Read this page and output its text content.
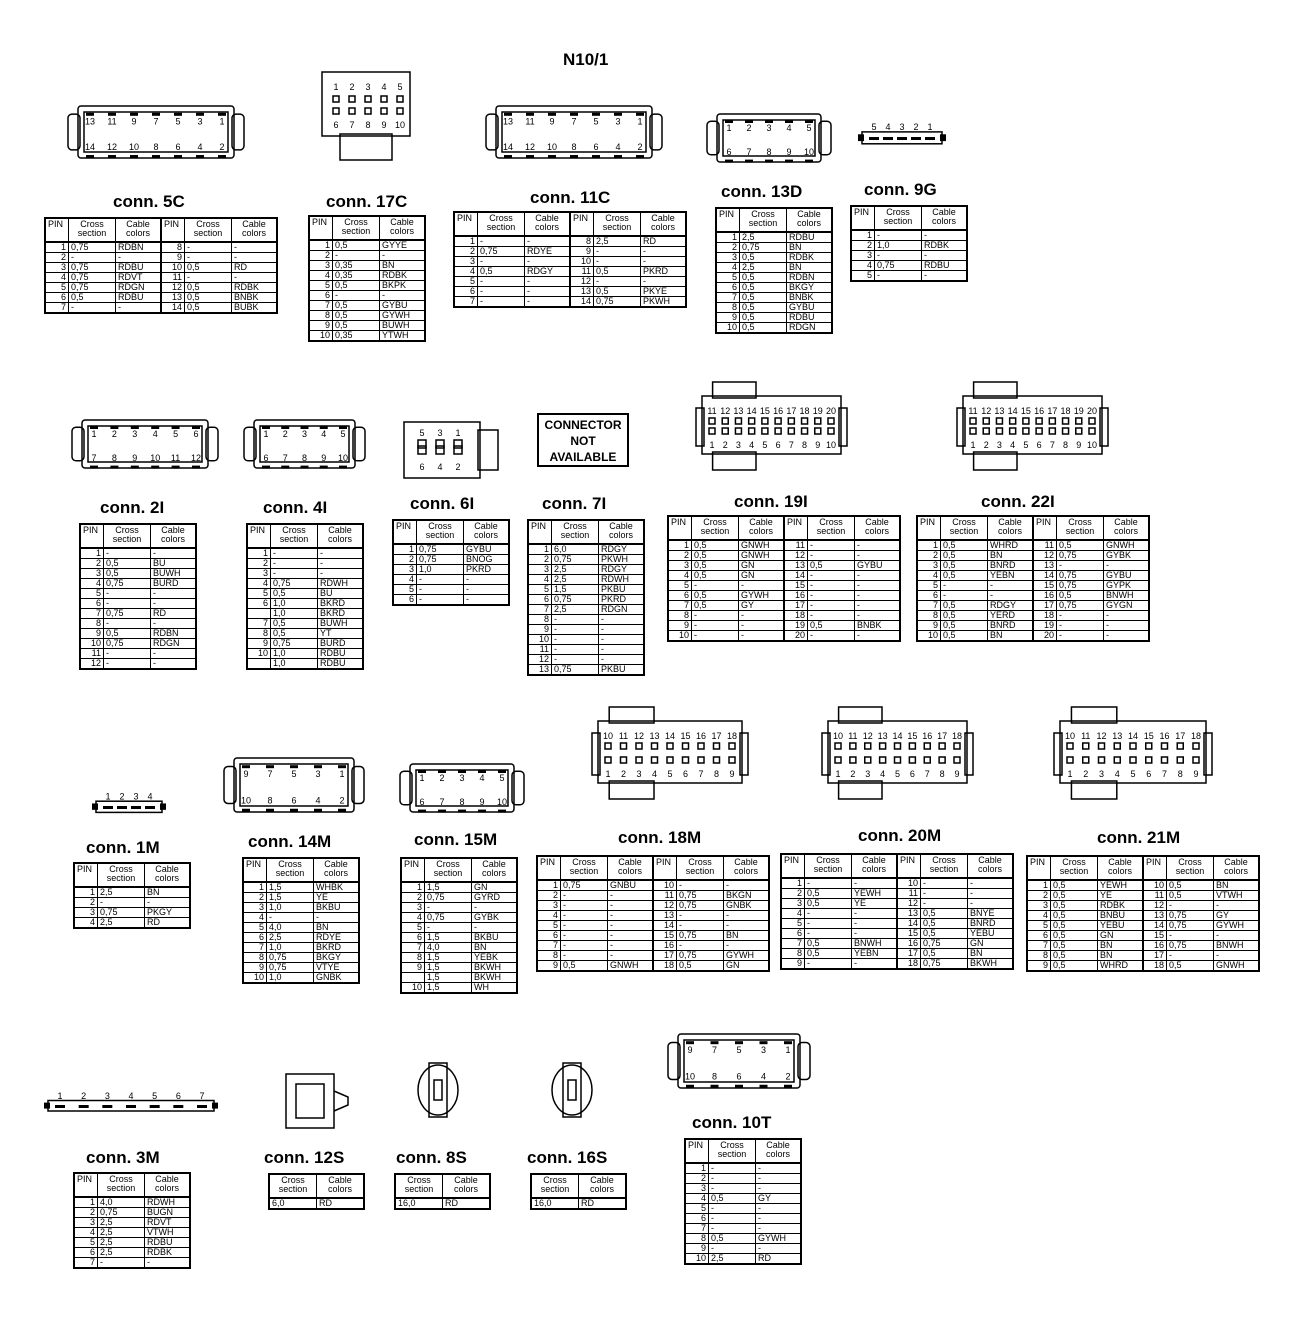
N10/1
CONNECTOR
NOT
AVAILABLE
13 11 9 7 5 3 1
14 12 10 8 6 4 2
conn. 5C
PIN	Cross section	Cable colors	PIN	Cross section	Cable colors
1	0,75	RDBN	8	-	-
2	-	-	9	-	-
3	0,75	RDBU	10	0,5	RD
4	0,75	RDVT	11	-	-
5	0,75	RDGN	12	0,5	RDBK
6	0,5	RDBU	13	0,5	BNBK
7	-	-	14	0,5	BUBK
1 2 3 4 5
6 7 8 9 10
conn. 17C
PIN	Cross section	Cable colors
1	0,5	GYYE
2	-	-
3	0,35	BN
4	0,35	RDBK
5	0,5	BKPK
6	-	-
7	0,5	GYBU
8	0,5	GYWH
9	0,5	BUWH
10	0,35	YTWH
13 11 9 7 5 3 1
14 12 10 8 6 4 2
conn. 11C
PIN	Cross section	Cable colors	PIN	Cross section	Cable colors
1	-	-	8	2,5	RD
2	0,75	RDYE	9	-	-
3	-	-	10	-	-
4	0,5	RDGY	11	0,5	PKRD
5	-	-	12	-	-
6	-	-	13	0,5	PKYE
7	-	-	14	0,75	PKWH
1 2 3 4 5
6 7 8 9 10
conn. 13D
PIN	Cross section	Cable colors
1	2,5	RDBU
2	0,75	BN
3	0,5	RDBK
4	2,5	BN
5	0,5	RDBN
6	0,5	BKGY
7	0,5	BNBK
8	0,5	GYBU
9	0,5	RDBU
10	0,5	RDGN
5 4 3 2 1
conn. 9G
PIN	Cross section	Cable colors
1	-	-
2	1,0	RDBK
3	-	-
4	0,75	RDBU
5	-	-
1 2 3 4 5 6
7 8 9 10 11 12
conn. 2I
PIN	Cross section	Cable colors
1	-	-
2	0,5	BU
3	0,5	BUWH
4	0,75	BURD
5	-	-
6	-	-
7	0,75	RD
8	-	-
9	0,5	RDBN
10	0,75	RDGN
11	-	-
12	-	-
1 2 3 4 5
6 7 8 9 10
conn. 4I
PIN	Cross section	Cable colors
1	-	-
2	-	-
3	-	-
4	0,75	RDWH
5	0,5	BU
6	1,0	BKRD
	1,0	BKRD
7	0,5	BUWH
8	0,5	YT
9	0,75	BURD
10	1,0	RDBU
	1,0	RDBU
5 3 1
6 4 2
conn. 6I
PIN	Cross section	Cable colors
1	0,75	GYBU
2	0,75	BNOG
3	1,0	PKRD
4	-	-
5	-	-
6	-	-
conn. 7I
PIN	Cross section	Cable colors
1	6,0	RDGY
2	0,75	PKWH
3	2,5	RDGY
4	2,5	RDWH
5	1,5	PKBU
6	0,75	PKRD
7	2,5	RDGN
8	-	-
9	-	-
10	-	-
11	-	-
12	-	-
13	0,75	PKBU
11 12 13 14 15 16 17 18 19 20
1 2 3 4 5 6 7 8 9 10
conn. 19I
PIN	Cross section	Cable colors	PIN	Cross section	Cable colors
1	0,5	GNWH	11	-	-
2	0,5	GNWH	12	-	-
3	0,5	GN	13	0,5	GYBU
4	0,5	GN	14	-	-
5	-	-	15	-	-
6	0,5	GYWH	16	-	-
7	0,5	GY	17	-	-
8	-	-	18	-	-
9	-	-	19	0,5	BNBK
10	-	-	20	-	-
11 12 13 14 15 16 17 18 19 20
1 2 3 4 5 6 7 8 9 10
conn. 22I
PIN	Cross section	Cable colors	PIN	Cross section	Cable colors
1	0,5	WHRD	11	0,5	GNWH
2	0,5	BN	12	0,75	GYBK
3	0,5	BNRD	13	-	-
4	0,5	YEBN	14	0,75	GYBU
5	-	-	15	0,75	GYPK
6	-	-	16	0,5	BNWH
7	0,5	RDGY	17	0,75	GYGN
8	0,5	YERD	18	-	-
9	0,5	BNRD	19	-	-
10	0,5	BN	20	-	-
1 2 3 4
conn. 1M
PIN	Cross section	Cable colors
1	2,5	BN
2	-	-
3	0,75	PKGY
4	2,5	RD
9 7 5 3 1
10 8 6 4 2
conn. 14M
PIN	Cross section	Cable colors
1	1,5	WHBK
2	1,5	YE
3	1,0	BKBU
4	-	-
5	4,0	BN
6	2,5	RDYE
7	1,0	BKRD
8	0,75	BKGY
9	0,75	VTYE
10	1,0	GNBK
1 2 3 4 5
6 7 8 9 10
conn. 15M
PIN	Cross section	Cable colors
1	1,5	GN
2	0,75	GYRD
3	-	-
4	0,75	GYBK
5	-	-
6	1,5	BKBU
7	4,0	BN
8	1,5	YEBK
9	1,5	BKWH
	1,5	BKWH
10	1,5	WH
10 11 12 13 14 15 16 17 18
1 2 3 4 5 6 7 8 9
conn. 18M
PIN	Cross section	Cable colors	PIN	Cross section	Cable colors
1	0,75	GNBU	10	-	-
2	-	-	11	0,75	BKGN
3	-	-	12	0,75	GNBK
4	-	-	13	-	-
5	-	-	14	-	-
6	-	-	15	0,75	BN
7	-	-	16	-	-
8	-	-	17	0,75	GYWH
9	0,5	GNWH	18	0,5	GN
10 11 12 13 14 15 16 17 18
1 2 3 4 5 6 7 8 9
conn. 20M
PIN	Cross section	Cable colors	PIN	Cross section	Cable colors
1	-	-	10	-	-
2	0,5	YEWH	11	-	-
3	0,5	YE	12	-	-
4	-	-	13	0,5	BNYE
5	-	-	14	0,5	BNRD
6	-	-	15	0,5	YEBU
7	0,5	BNWH	16	0,75	GN
8	0,5	YEBN	17	0,5	BN
9	-	-	18	0,75	BKWH
10 11 12 13 14 15 16 17 18
1 2 3 4 5 6 7 8 9
conn. 21M
PIN	Cross section	Cable colors	PIN	Cross section	Cable colors
1	0,5	YEWH	10	0,5	BN
2	0,5	YE	11	0,5	VTWH
3	0,5	RDBK	12	-	-
4	0,5	BNBU	13	0,75	GY
5	0,5	YEBU	14	0,75	GYWH
6	0,5	GN	15	-	-
7	0,5	BN	16	0,75	BNWH
8	0,5	BN	17	-	-
9	0,5	WHRD	18	0,5	GNWH
1 2 3 4 5 6 7
conn. 3M
PIN	Cross section	Cable colors
1	4,0	RDWH
2	0,75	BUGN
3	2,5	RDVT
4	2,5	VTWH
5	2,5	RDBU
6	2,5	RDBK
7	-	-
conn. 12S
Cross section	Cable colors
6,0	RD
conn. 8S
Cross section	Cable colors
16,0	RD
conn. 16S
Cross section	Cable colors
16,0	RD
9 7 5 3 1
10 8 6 4 2
conn. 10T
PIN	Cross section	Cable colors
1	-	-
2	-	-
3	-	-
4	0,5	GY
5	-	-
6	-	-
7	-	-
8	0,5	GYWH
9	-	-
10	2,5	RD
